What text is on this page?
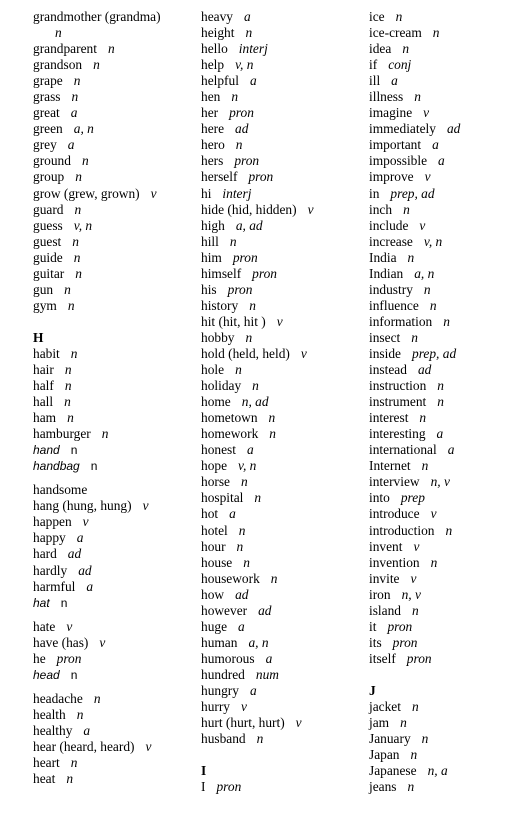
grandmother (grandma)
n
grandparent n
grandson n
grape n
grass n
great a
green a, n
grey a
ground n
group n
grow (grew, grown) v
guard n
guess v, n
guest n
guide n
guitar n
gun n
gym n
H
habit n
hair n
half n
hall n
ham n
hamburger n
hand n
handbag n
handsome
hang (hung, hung) v
happen v
happy a
hard ad
hardly ad
harmful a
hat n
hate v
have (has) v
he pron
head n
headache n
health n
healthy a
hear (heard, heard) v
heart n
heat n
heavy a
height n
hello interj
help v, n
helpful a
hen n
her pron
here ad
hero n
hers pron
herself pron
hi interj
hide (hid, hidden) v
high a, ad
hill n
him pron
himself pron
his pron
history n
hit (hit, hit ) v
hobby n
hold (held, held) v
hole n
holiday n
home n, ad
hometown n
homework n
honest a
hope v, n
horse n
hospital n
hot a
hotel n
hour n
house n
housework n
how ad
however ad
huge a
human a, n
humorous a
hundred num
hungry a
hurry v
hurt (hurt, hurt) v
husband n
I
I pron
ice n
ice-cream n
idea n
if conj
ill a
illness n
imagine v
immediately ad
important a
impossible a
improve v
in prep, ad
inch n
include v
increase v, n
India n
Indian a, n
industry n
influence n
information n
insect n
inside prep, ad
instead ad
instruction n
instrument n
interest n
interesting a
international a
Internet n
interview n, v
into prep
introduce v
introduction n
invent v
invention n
invite v
iron n, v
island n
it pron
its pron
itself pron
J
jacket n
jam n
January n
Japan n
Japanese n, a
jeans n
